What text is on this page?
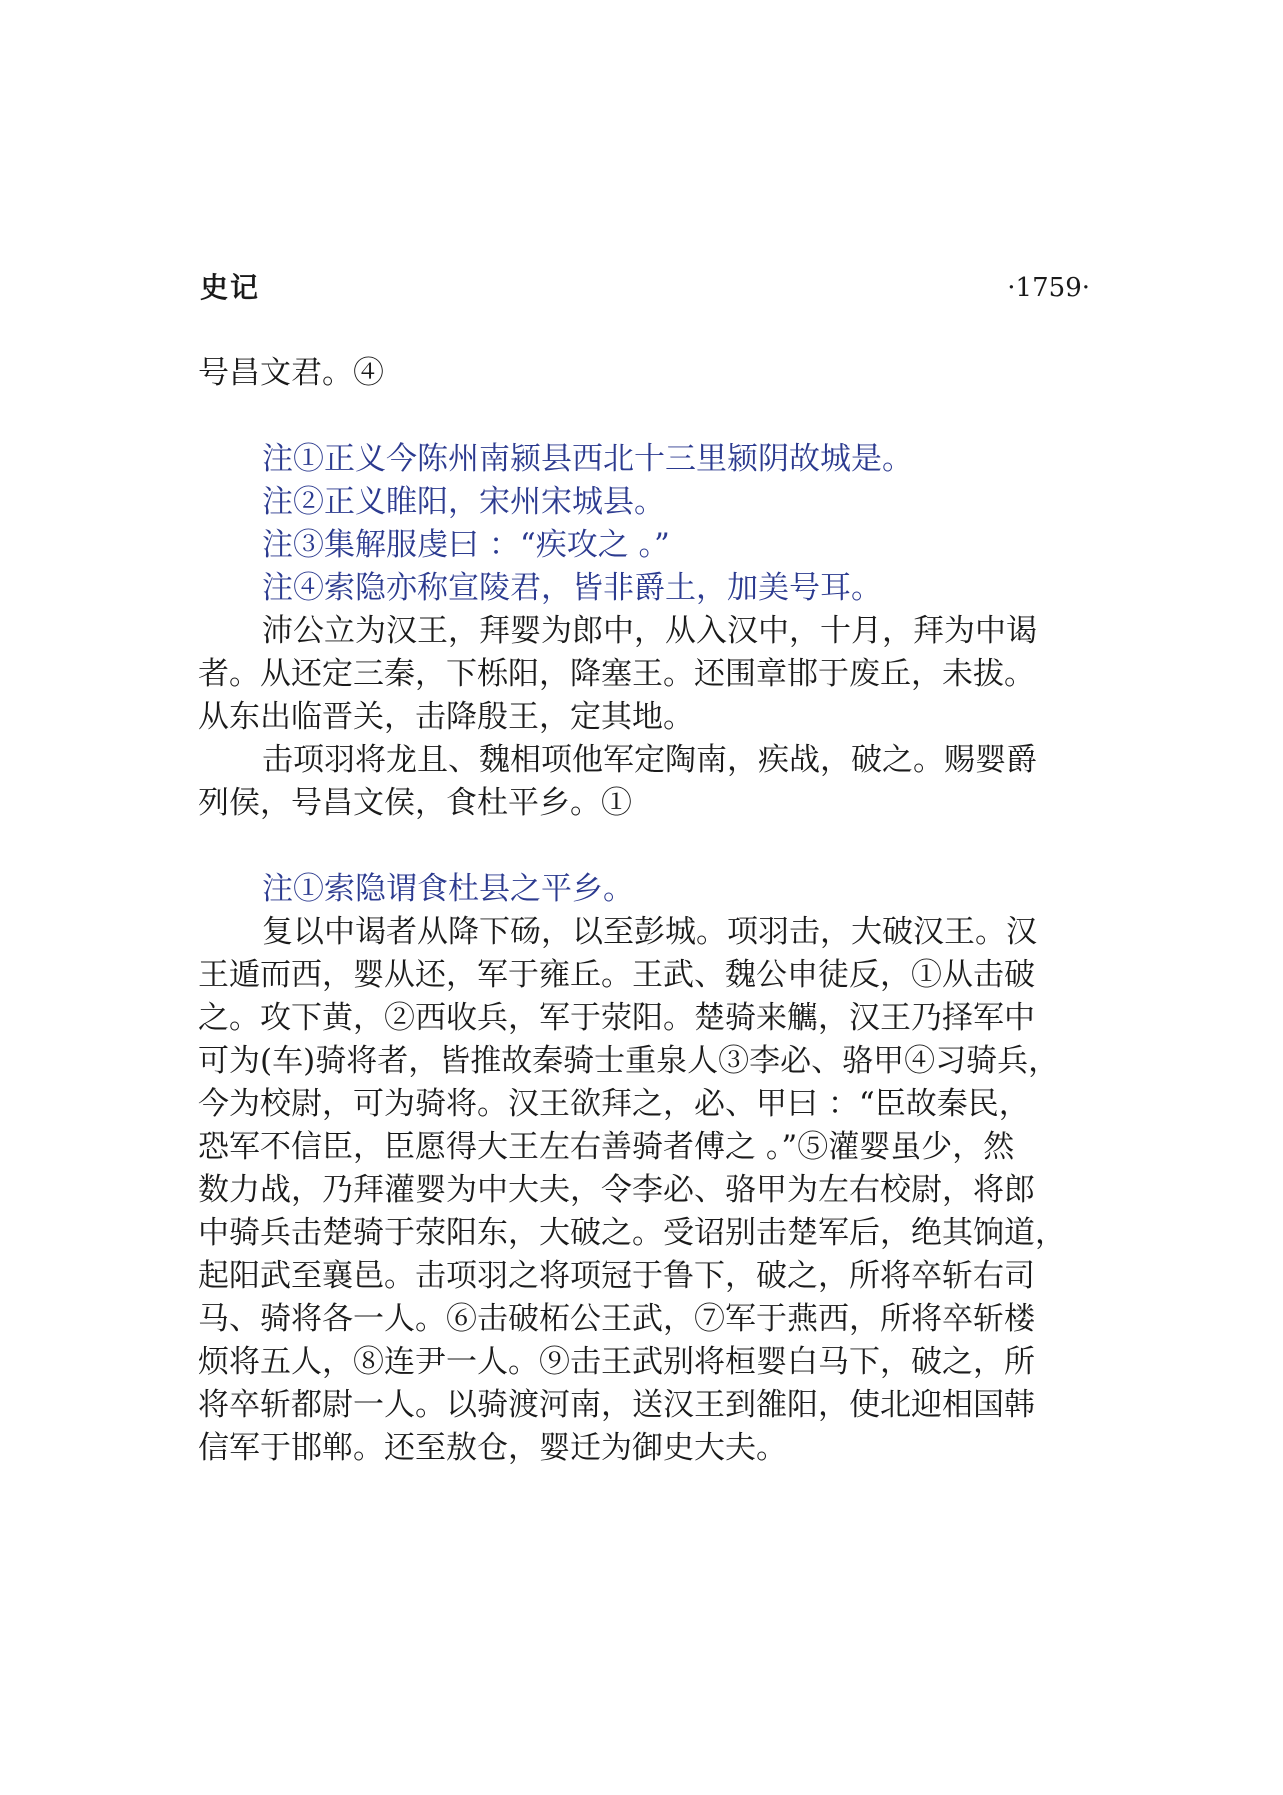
史记	·1759·
号昌文君。④
注①正义今陈州南颍县西北十三里颍阴故城是。
注②正义睢阳，宋州宋城县。
注③集解服虔曰 ：“疾攻之 。”
注④索隐亦称宣陵君，皆非爵土，加美号耳。
沛公立为汉王，拜婴为郎中，从入汉中，十月，拜为中谒
者。从还定三秦，下栎阳，降塞王。还围章邯于废丘，未拔。
从东出临晋关，击降殷王，定其地。
击项羽将龙且、魏相项他军定陶南，疾战，破之。赐婴爵
列侯，号昌文侯，食杜平乡。①
注①索隐谓食杜县之平乡。
复以中谒者从降下砀，以至彭城。项羽击，大破汉王。汉
王遁而西，婴从还，军于雍丘。王武、魏公申徒反，①从击破
之。攻下黄，②西收兵，军于荥阳。楚骑来觽，汉王乃择军中
可为(车)骑将者，皆推故秦骑士重泉人③李必、骆甲④习骑兵，
今为校尉，可为骑将。汉王欲拜之，必、甲曰 ：“臣故秦民，
恐军不信臣，臣愿得大王左右善骑者傅之 。”⑤灌婴虽少，然
数力战，乃拜灌婴为中大夫，令李必、骆甲为左右校尉，将郎
中骑兵击楚骑于荥阳东，大破之。受诏别击楚军后，绝其饷道，
起阳武至襄邑。击项羽之将项冠于鲁下，破之，所将卒斩右司
马、骑将各一人。⑥击破柘公王武，⑦军于燕西，所将卒斩楼
烦将五人，⑧连尹一人。⑨击王武别将桓婴白马下，破之，所
将卒斩都尉一人。以骑渡河南，送汉王到雒阳，使北迎相国韩
信军于邯郸。还至敖仓，婴迁为御史大夫。
